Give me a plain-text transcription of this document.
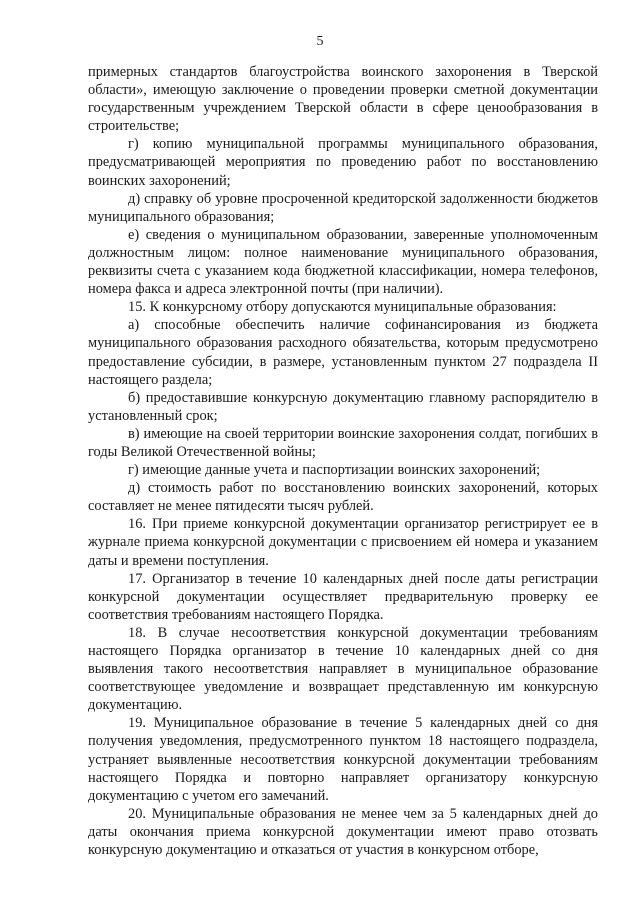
5

примерных стандартов благоустройства воинского захоронения в Тверской области», имеющую заключение о проведении проверки сметной документации государственным учреждением Тверской области в сфере ценообразования в строительстве;

г) копию муниципальной программы муниципального образования, предусматривающей мероприятия по проведению работ по восстановлению воинских захоронений;

д) справку об уровне просроченной кредиторской задолженности бюджетов муниципального образования;

е) сведения о муниципальном образовании, заверенные уполномоченным должностным лицом: полное наименование муниципального образования, реквизиты счета с указанием кода бюджетной классификации, номера телефонов, номера факса и адреса электронной почты (при наличии).

15. К конкурсному отбору допускаются муниципальные образования:

а) способные обеспечить наличие софинансирования из бюджета муниципального образования расходного обязательства, которым предусмотрено предоставление субсидии, в размере, установленным пунктом 27 подраздела II настоящего раздела;

б) предоставившие конкурсную документацию главному распорядителю в установленный срок;

в) имеющие на своей территории воинские захоронения солдат, погибших в годы Великой Отечественной войны;

г) имеющие данные учета и паспортизации воинских захоронений;

д) стоимость работ по восстановлению воинских захоронений, которых составляет не менее пятидесяти тысяч рублей.

16. При приеме конкурсной документации организатор регистрирует ее в журнале приема конкурсной документации с присвоением ей номера и указанием даты и времени поступления.

17. Организатор в течение 10 календарных дней после даты регистрации конкурсной документации осуществляет предварительную проверку ее соответствия требованиям настоящего Порядка.

18. В случае несоответствия конкурсной документации требованиям настоящего Порядка организатор в течение 10 календарных дней со дня выявления такого несоответствия направляет в муниципальное образование соответствующее уведомление и возвращает представленную им конкурсную документацию.

19. Муниципальное образование в течение 5 календарных дней со дня получения уведомления, предусмотренного пунктом 18 настоящего подраздела, устраняет выявленные несоответствия конкурсной документации требованиям настоящего Порядка и повторно направляет организатору конкурсную документацию с учетом его замечаний.

20. Муниципальные образования не менее чем за 5 календарных дней до даты окончания приема конкурсной документации имеют право отозвать конкурсную документацию и отказаться от участия в конкурсном отборе,
